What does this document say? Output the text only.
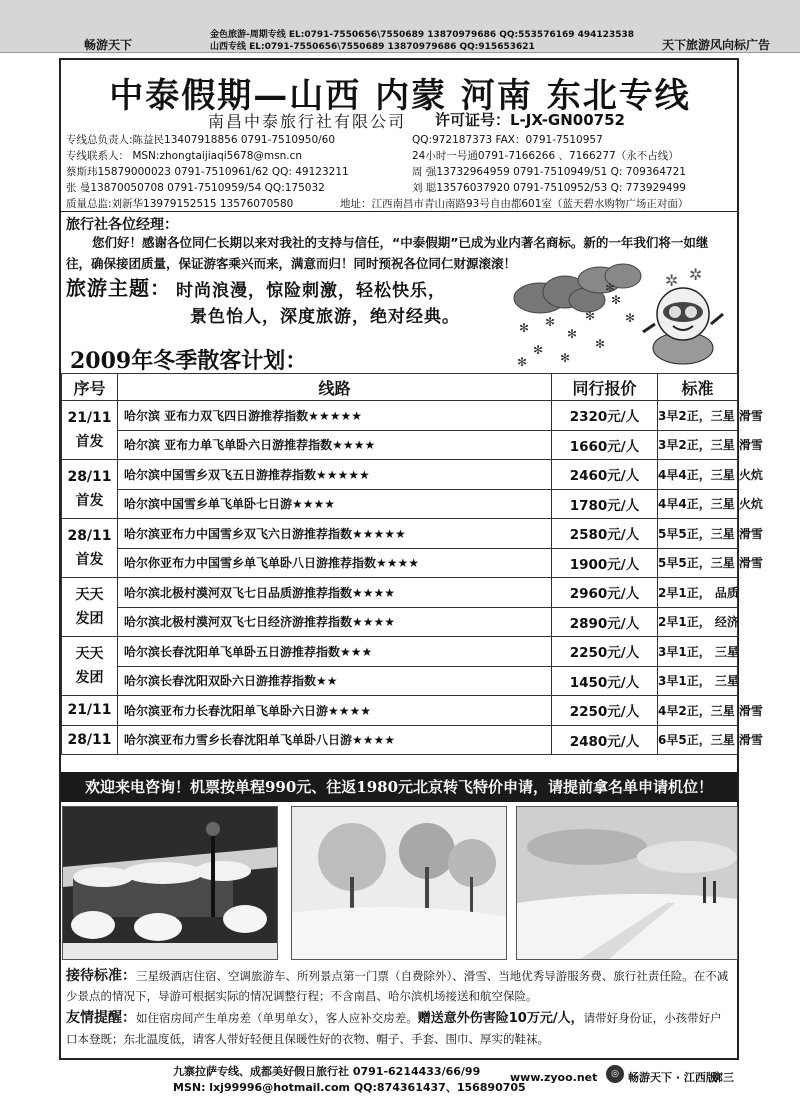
金色旅游-周期专线 EL:0791-7550656\7550689 13870979686 QQ:553576169 494123538
山西专线 EL:0791-7550656\7550689 13870979686 QQ:915653621
畅游天下	天下旅游风向标广告
中泰假期—山西 内蒙 河南 东北专线
南昌中泰旅行社有限公司 许可证号：L-JX-GN00752
专线总负责人:陈益民13407918856 0791-7510950/60	QQ:972187373 FAX：0791-7510957
专线联系人： MSN:zhongtaijiaqi5678@msn.cn	24小时一号通0791-7166266 、7166277（永不占线）
蔡斯玮15879000023 0791-7510961/62 QQ: 49123211	周 强13732964959 0791-7510949/51 Q: 709364721
张 曼13870050708 0791-7510959/54 QQ:175032	刘 聪13576037920 0791-7510952/53 Q: 773929499
质量总监:刘新华13979152515 13576070580	地址：江西南昌市青山南路93号自由都601室（蓝天碧水购物广场正对面）
旅行社各位经理：
您们好！感谢各位同仁长期以来对我社的支持与信任，“中泰假期”已成为业内著名商标。新的一年我们将一如继往，确保接团质量，保证游客乘兴而来，满意而归！同时预祝各位同仁财源滚滚！
旅游主题： 时尚浪漫，惊险刺激，轻松快乐，
景色怡人，深度旅游，绝对经典。
✻ ✻
✻
✻
✻
✻
✻
✻
✻
✻
✻
✲ ✲
2009年冬季散客计划：
序号	线路	同行报价	标准
21/11
首发	哈尔滨 亚布力双飞四日游推荐指数★★★★★	2320元/人	3早2正，三星 滑雪
	哈尔滨 亚布力单飞单卧六日游推荐指数★★★★	1660元/人	3早2正，三星 滑雪
28/11
首发	哈尔滨中国雪乡双飞五日游推荐指数★★★★★	2460元/人	4早4正，三星 火炕
	哈尔滨中国雪乡单飞单卧七日游★★★★	1780元/人	4早4正，三星 火炕
28/11
首发	哈尔滨亚布力中国雪乡双飞六日游推荐指数★★★★★	2580元/人	5早5正，三星 滑雪
	哈尔你亚布力中国雪乡单飞单卧八日游推荐指数★★★★	1900元/人	5早5正，三星 滑雪
天天
发团	哈尔滨北极村漠河双飞七日品质游推荐指数★★★★	2960元/人	2早1正， 品质
	哈尔滨北极村漠河双飞七日经济游推荐指数★★★★	2890元/人	2早1正， 经济
天天
发团	哈尔滨长春沈阳单飞单卧五日游推荐指数★★★	2250元/人	3早1正， 三星
	哈尔滨长春沈阳双卧六日游推荐指数★★	1450元/人	3早1正， 三星
21/11	哈尔滨亚布力长春沈阳单飞单卧六日游★★★★	2250元/人	4早2正，三星 滑雪
28/11	哈尔滨亚布力雪乡长春沈阳单飞单卧八日游★★★★	2480元/人	6早5正，三星 滑雪
欢迎来电咨询！机票按单程990元、往返1980元北京转飞特价申请，请提前拿名单申请机位！
接待标准：三星级酒店住宿、空调旅游车、所列景点第一门票（自费除外）、滑雪、当地优秀导游服务费、旅行社责任险。在不减少景点的情况下，导游可根据实际的情况调整行程；不含南昌、哈尔滨机场接送和航空保险。
友情提醒：如住宿房间产生单房差（单男单女），客人应补交房差。赠送意外伤害险10万元/人，请带好身份证，小孩带好户口本登既；东北温度低，请客人带好轻便且保暖性好的衣物、帽子、手套、围巾、厚实的鞋袜。
九寨拉萨专线、成都美好假日旅行社 0791-6214433/66/99
MSN: lxj99996@hotmail.com QQ:874361437、156890705
www.zyoo.net	◎ 畅游天下 · 江西版
廓三
